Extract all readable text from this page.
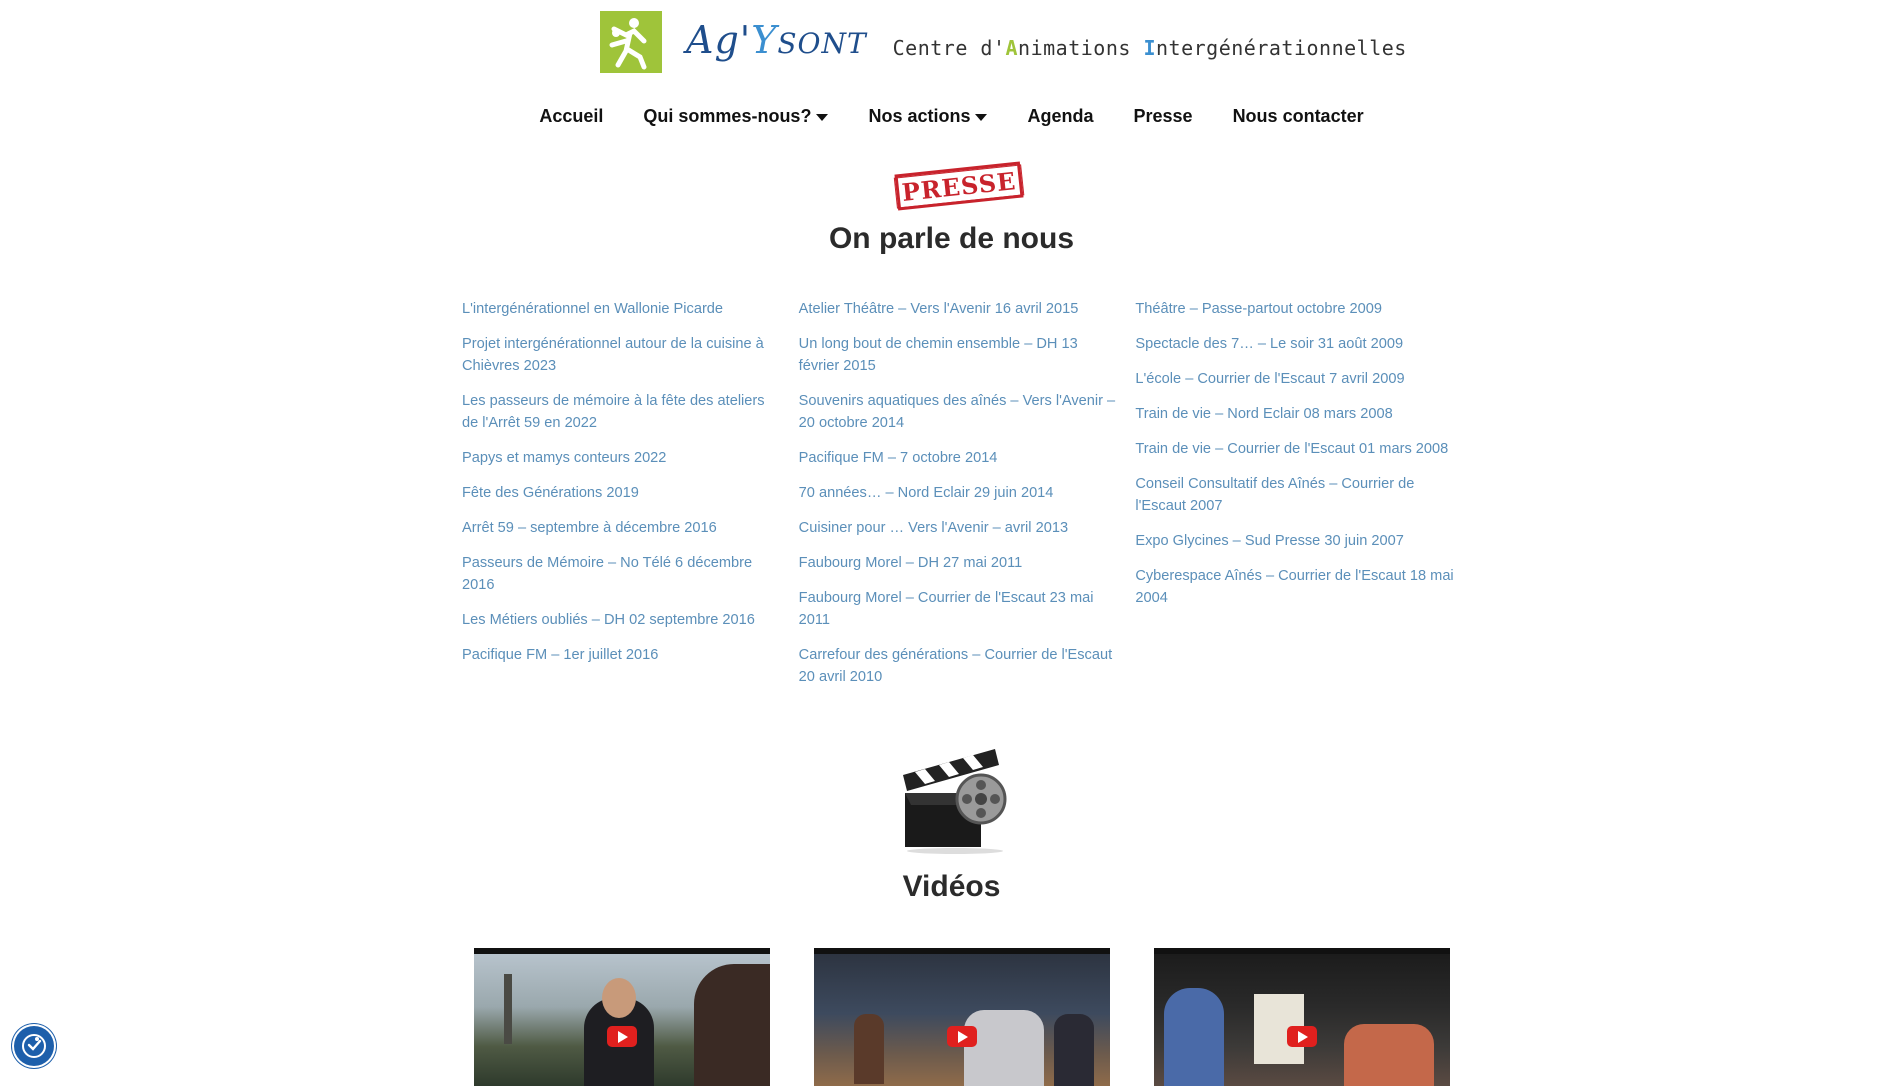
Ag'YSONT Centre d'Animations Intergénérationnelles
Accueil Qui sommes-nous?	Nos actions	Agenda Presse Nous contacter
PRESSE
On parle de nous
L'intergénérationnel en Wallonie Picarde
Projet intergénérationnel autour de la cuisine à Chièvres 2023
Les passeurs de mémoire à la fête des ateliers de l'Arrêt 59 en 2022
Papys et mamys conteurs 2022
Fête des Générations 2019
Arrêt 59 – septembre à décembre 2016
Passeurs de Mémoire – No Télé 6 décembre 2016
Les Métiers oubliés – DH 02 septembre 2016
Pacifique FM – 1er juillet 2016
Atelier Théâtre – Vers l'Avenir 16 avril 2015
Un long bout de chemin ensemble – DH 13 février 2015
Souvenirs aquatiques des aînés – Vers l'Avenir – 20 octobre 2014
Pacifique FM – 7 octobre 2014
70 années… – Nord Eclair 29 juin 2014
Cuisiner pour … Vers l'Avenir – avril 2013
Faubourg Morel – DH 27 mai 2011
Faubourg Morel – Courrier de l'Escaut 23 mai 2011
Carrefour des générations – Courrier de l'Escaut 20 avril 2010
Théâtre – Passe-partout octobre 2009
Spectacle des 7… – Le soir 31 août 2009
L'école – Courrier de l'Escaut 7 avril 2009
Train de vie – Nord Eclair 08 mars 2008
Train de vie – Courrier de l'Escaut 01 mars 2008
Conseil Consultatif des Aînés – Courrier de l'Escaut 2007
Expo Glycines – Sud Presse 30 juin 2007
Cyberespace Aînés – Courrier de l'Escaut 18 mai 2004
Vidéos
